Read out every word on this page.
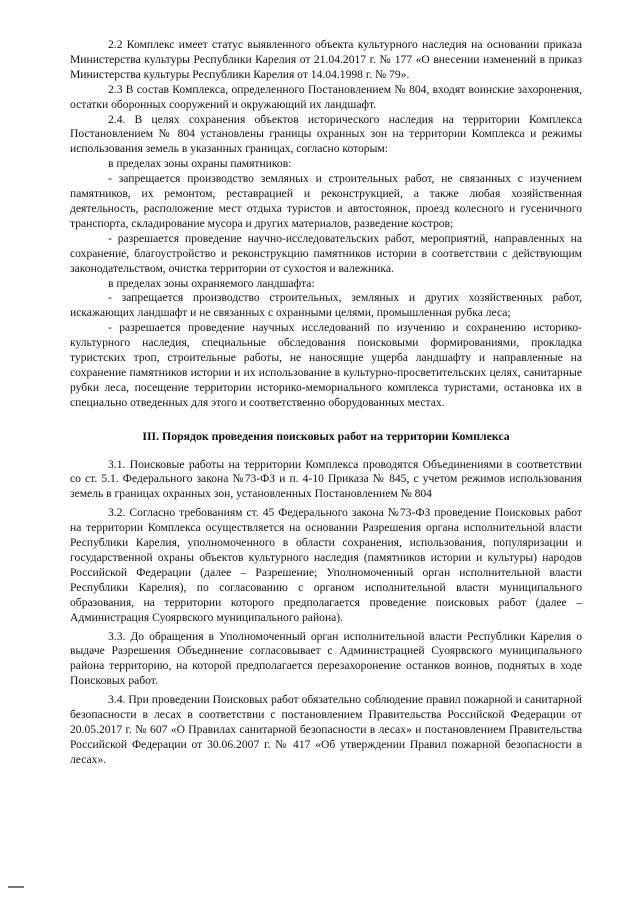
2.2 Комплекс имеет статус выявленного объекта культурного наследия на основании приказа Министерства культуры Республики Карелия от 21.04.2017 г. № 177 «О внесении изменений в приказ Министерства культуры Республики Карелия от 14.04.1998 г. № 79».

2.3 В состав Комплекса, определенного Постановлением № 804, входят воинские захоронения, остатки оборонных сооружений и окружающий их ландшафт.

2.4. В целях сохранения объектов исторического наследия на территории Комплекса Постановлением № 804 установлены границы охранных зон на территории Комплекса и режимы использования земель в указанных границах, согласно которым:

в пределах зоны охраны памятников:

- запрещается производство земляных и строительных работ, не связанных с изучением памятников, их ремонтом, реставрацией и реконструкцией, а также любая хозяйственная деятельность, расположение мест отдыха туристов и автостоянок, проезд колесного и гусеничного транспорта, складирование мусора и других материалов, разведение костров;

- разрешается проведение научно-исследовательских работ, мероприятий, направленных на сохранение, благоустройство и реконструкцию памятников истории в соответствии с действующим законодательством, очистка территории от сухостоя и валежника.

в пределах зоны охраняемого ландшафта:

- запрещается производство строительных, земляных и других хозяйственных работ, искажающих ландшафт и не связанных с охранными целями, промышленная рубка леса;

- разрешается проведение научных исследований по изучению и сохранению историко-культурного наследия, специальные обследования поисковыми формированиями, прокладка туристских троп, строительные работы, не наносящие ущерба ландшафту и направленные на сохранение памятников истории и их использование в культурно-просветительских целях, санитарные рубки леса, посещение территории историко-мемориального комплекса туристами, остановка их в специально отведенных для этого и соответственно оборудованных местах.

III. Порядок проведения поисковых работ на территории Комплекса

3.1. Поисковые работы на территории Комплекса проводятся Объединениями в соответствии со ст. 5.1. Федерального закона №73-ФЗ и п. 4-10 Приказа № 845, с учетом режимов использования земель в границах охранных зон, установленных Постановлением № 804

3.2. Согласно требованиям ст. 45 Федерального закона №73-ФЗ проведение Поисковых работ на территории Комплекса осуществляется на основании Разрешения органа исполнительной власти Республики Карелия, уполномоченного в области сохранения, использования, популяризации и государственной охраны объектов культурного наследия (памятников истории и культуры) народов Российской Федерации (далее – Разрешение; Уполномоченный орган исполнительной власти Республики Карелия), по согласованию с органом исполнительной власти муниципального образования, на территории которого предполагается проведение поисковых работ (далее – Администрация Суоярвского муниципального района).

3.3. До обращения в Уполномоченный орган исполнительной власти Республики Карелия о выдаче Разрешения Объединение согласовывает с Администрацией Суоярвского муниципального района территорию, на которой предполагается перезахоронение останков воинов, поднятых в ходе Поисковых работ.

3.4. При проведении Поисковых работ обязательно соблюдение правил пожарной и санитарной безопасности в лесах в соответствии с постановлением Правительства Российской Федерации от 20.05.2017 г. № 607 «О Правилах санитарной безопасности в лесах» и постановлением Правительства Российской Федерации от 30.06.2007 г. № 417 «Об утверждении Правил пожарной безопасности в лесах».
